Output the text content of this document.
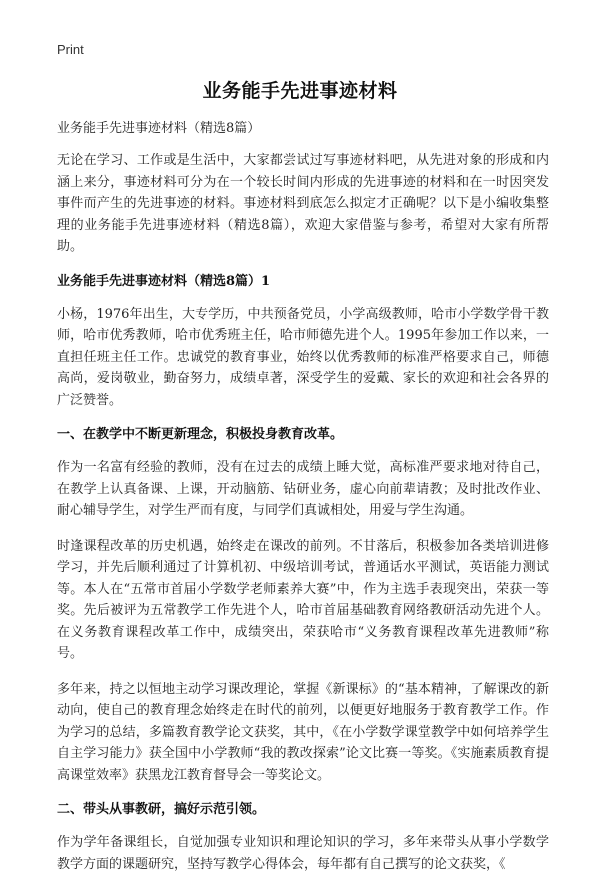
Print
业务能手先进事迹材料

业务能手先进事迹材料（精选8篇）

无论在学习、工作或是生活中，大家都尝试过写事迹材料吧，从先进对象的形成和内涵上来分，事迹材料可分为在一个较长时间内形成的先进事迹的材料和在一时因突发事件而产生的先进事迹的材料。事迹材料到底怎么拟定才正确呢？以下是小编收集整理的业务能手先进事迹材料（精选8篇），欢迎大家借鉴与参考，希望对大家有所帮助。

业务能手先进事迹材料（精选8篇）1

小杨，1976年出生，大专学历，中共预备党员，小学高级教师，哈市小学数学骨干教师，哈市优秀教师，哈市优秀班主任，哈市师德先进个人。1995年参加工作以来，一直担任班主任工作。忠诚党的教育事业，始终以优秀教师的标准严格要求自己，师德高尚，爱岗敬业，勤奋努力，成绩卓著，深受学生的爱戴、家长的欢迎和社会各界的广泛赞誉。

一、在教学中不断更新理念，积极投身教育改革。

作为一名富有经验的教师，没有在过去的成绩上睡大觉，高标准严要求地对待自己，在教学上认真备课、上课，开动脑筋、钻研业务，虚心向前辈请教；及时批改作业、耐心辅导学生，对学生严而有度，与同学们真诚相处，用爱与学生沟通。

时逢课程改革的历史机遇，始终走在课改的前列。不甘落后，积极参加各类培训进修学习，并先后顺利通过了计算机初、中级培训考试，普通话水平测试，英语能力测试等。本人在“五常市首届小学数学老师素养大赛”中，作为主选手表现突出，荣获一等奖。先后被评为五常教学工作先进个人，哈市首届基础教育网络教研活动先进个人。在义务教育课程改革工作中，成绩突出，荣获哈市“义务教育课程改革先进教师”称号。

多年来，持之以恒地主动学习课改理论，掌握《新课标》的“基本精神，了解课改的新动向，使自己的教育理念始终走在时代的前列，以便更好地服务于教育教学工作。作为学习的总结，多篇教育教学论文获奖，其中，《在小学数学课堂教学中如何培养学生自主学习能力》获全国中小学教师“我的教改探索”论文比赛一等奖。《实施素质教育提高课堂效率》获黑龙江教育督导会一等奖论文。

二、带头从事教研，搞好示范引领。

作为学年备课组长，自觉加强专业知识和理论知识的学习，多年来带头从事小学数学教学方面的课题研究，坚持写教学心得体会，每年都有自己撰写的论文获奖，《
